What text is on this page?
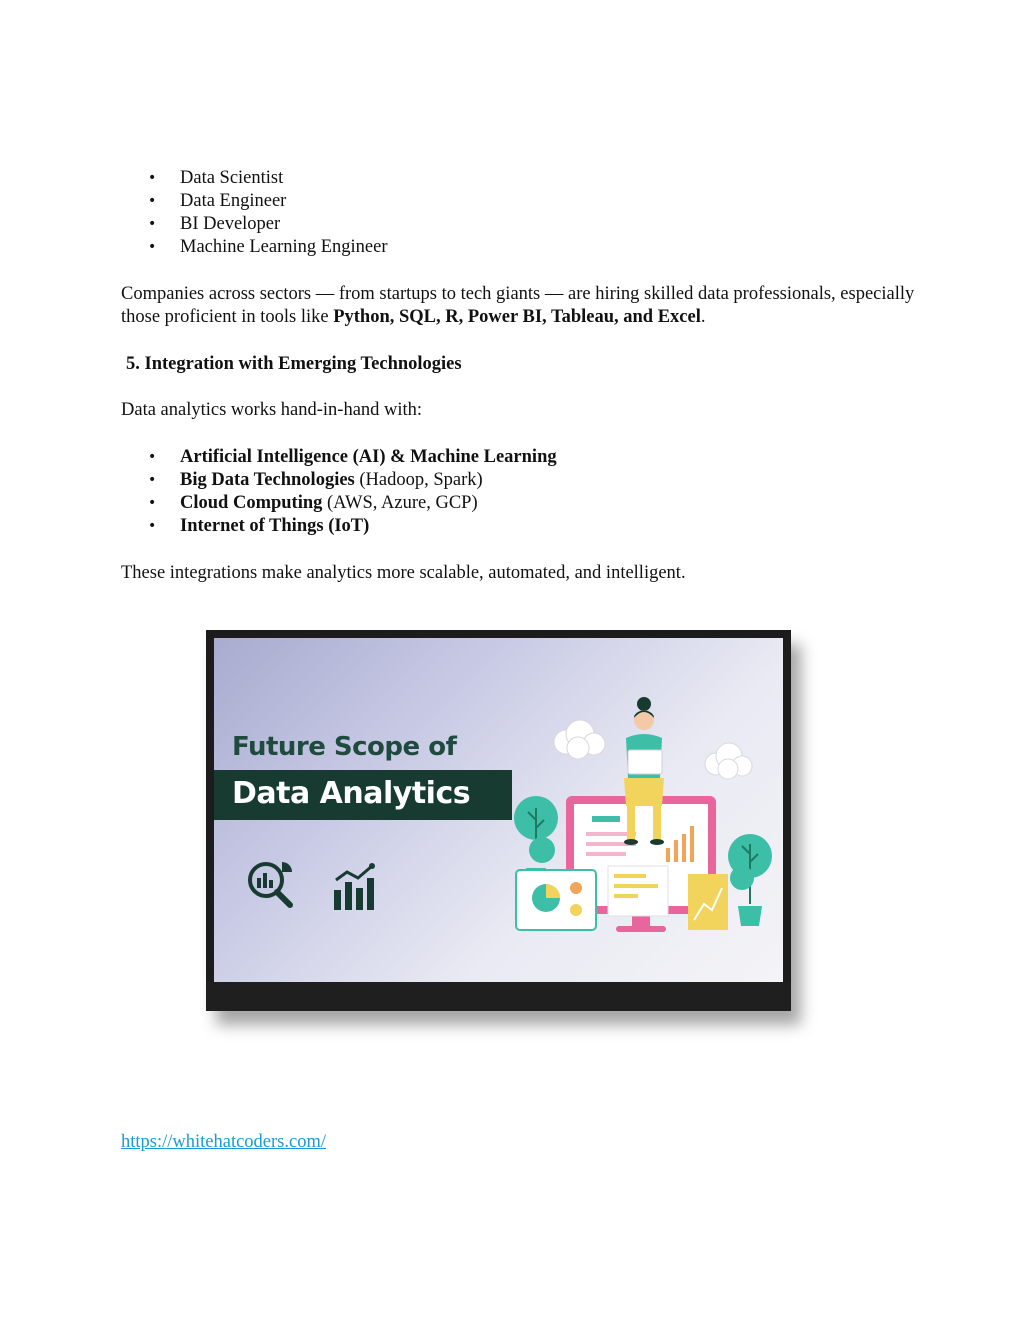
• Data Scientist
• Data Engineer
• BI Developer
• Machine Learning Engineer
Companies across sectors — from startups to tech giants — are hiring skilled data professionals, especially those proficient in tools like Python, SQL, R, Power BI, Tableau, and Excel.
5. Integration with Emerging Technologies
Data analytics works hand-in-hand with:
• Artificial Intelligence (AI) & Machine Learning
• Big Data Technologies (Hadoop, Spark)
• Cloud Computing (AWS, Azure, GCP)
• Internet of Things (IoT)
These integrations make analytics more scalable, automated, and intelligent.
Future Scope of
Data Analytics
https://whitehatcoders.com/
